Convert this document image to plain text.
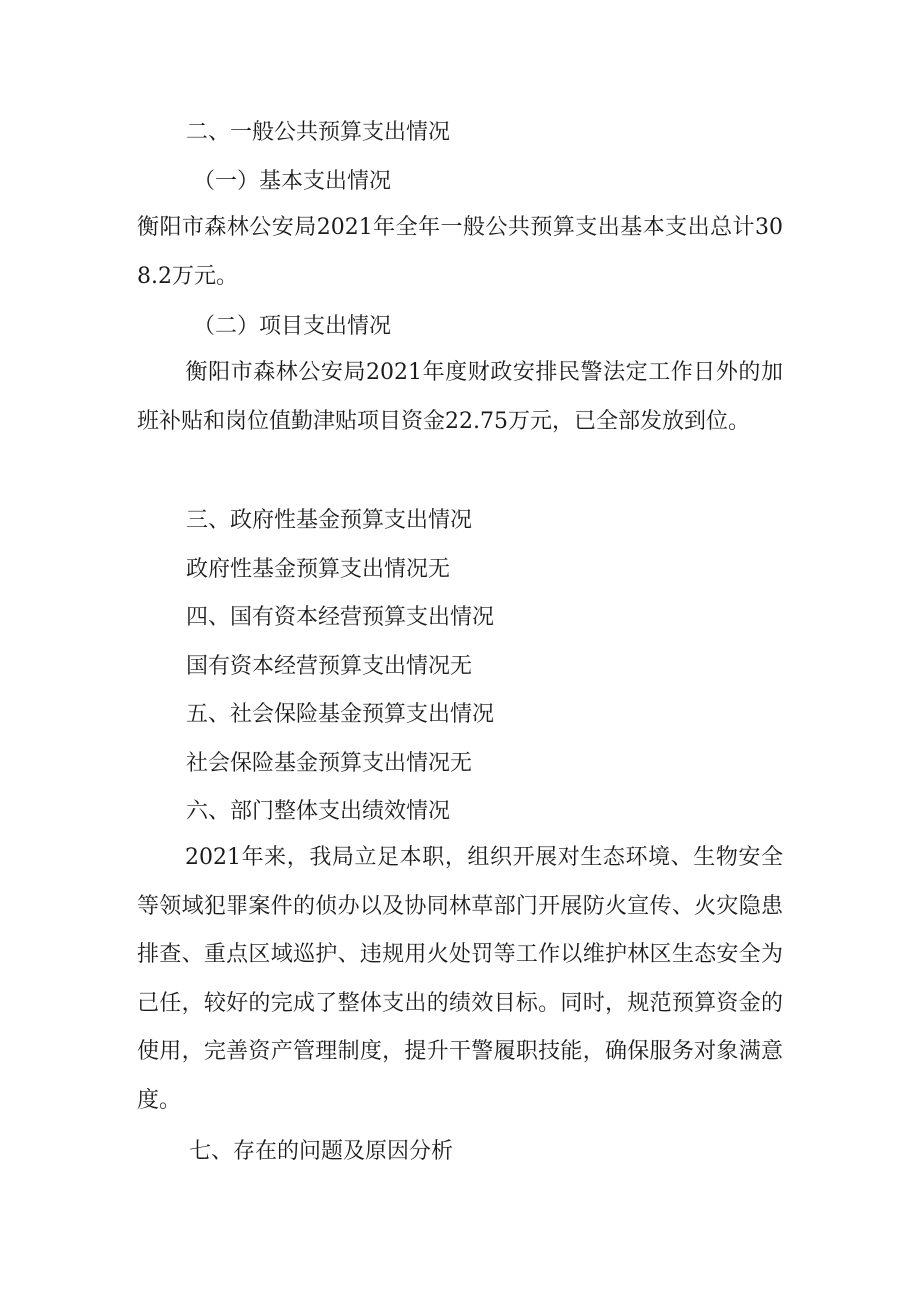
二、一般公共预算支出情况
（一）基本支出情况
衡阳市森林公安局2021年全年一般公共预算支出基本支出总计308.2万元。
（二）项目支出情况
衡阳市森林公安局2021年度财政安排民警法定工作日外的加班补贴和岗位值勤津贴项目资金22.75万元，已全部发放到位。
三、政府性基金预算支出情况
政府性基金预算支出情况无
四、国有资本经营预算支出情况
国有资本经营预算支出情况无
五、社会保险基金预算支出情况
社会保险基金预算支出情况无
六、部门整体支出绩效情况
2021年来，我局立足本职，组织开展对生态环境、生物安全等领域犯罪案件的侦办以及协同林草部门开展防火宣传、火灾隐患排查、重点区域巡护、违规用火处罚等工作以维护林区生态安全为己任，较好的完成了整体支出的绩效目标。同时，规范预算资金的使用，完善资产管理制度，提升干警履职技能，确保服务对象满意度。
七、存在的问题及原因分析
